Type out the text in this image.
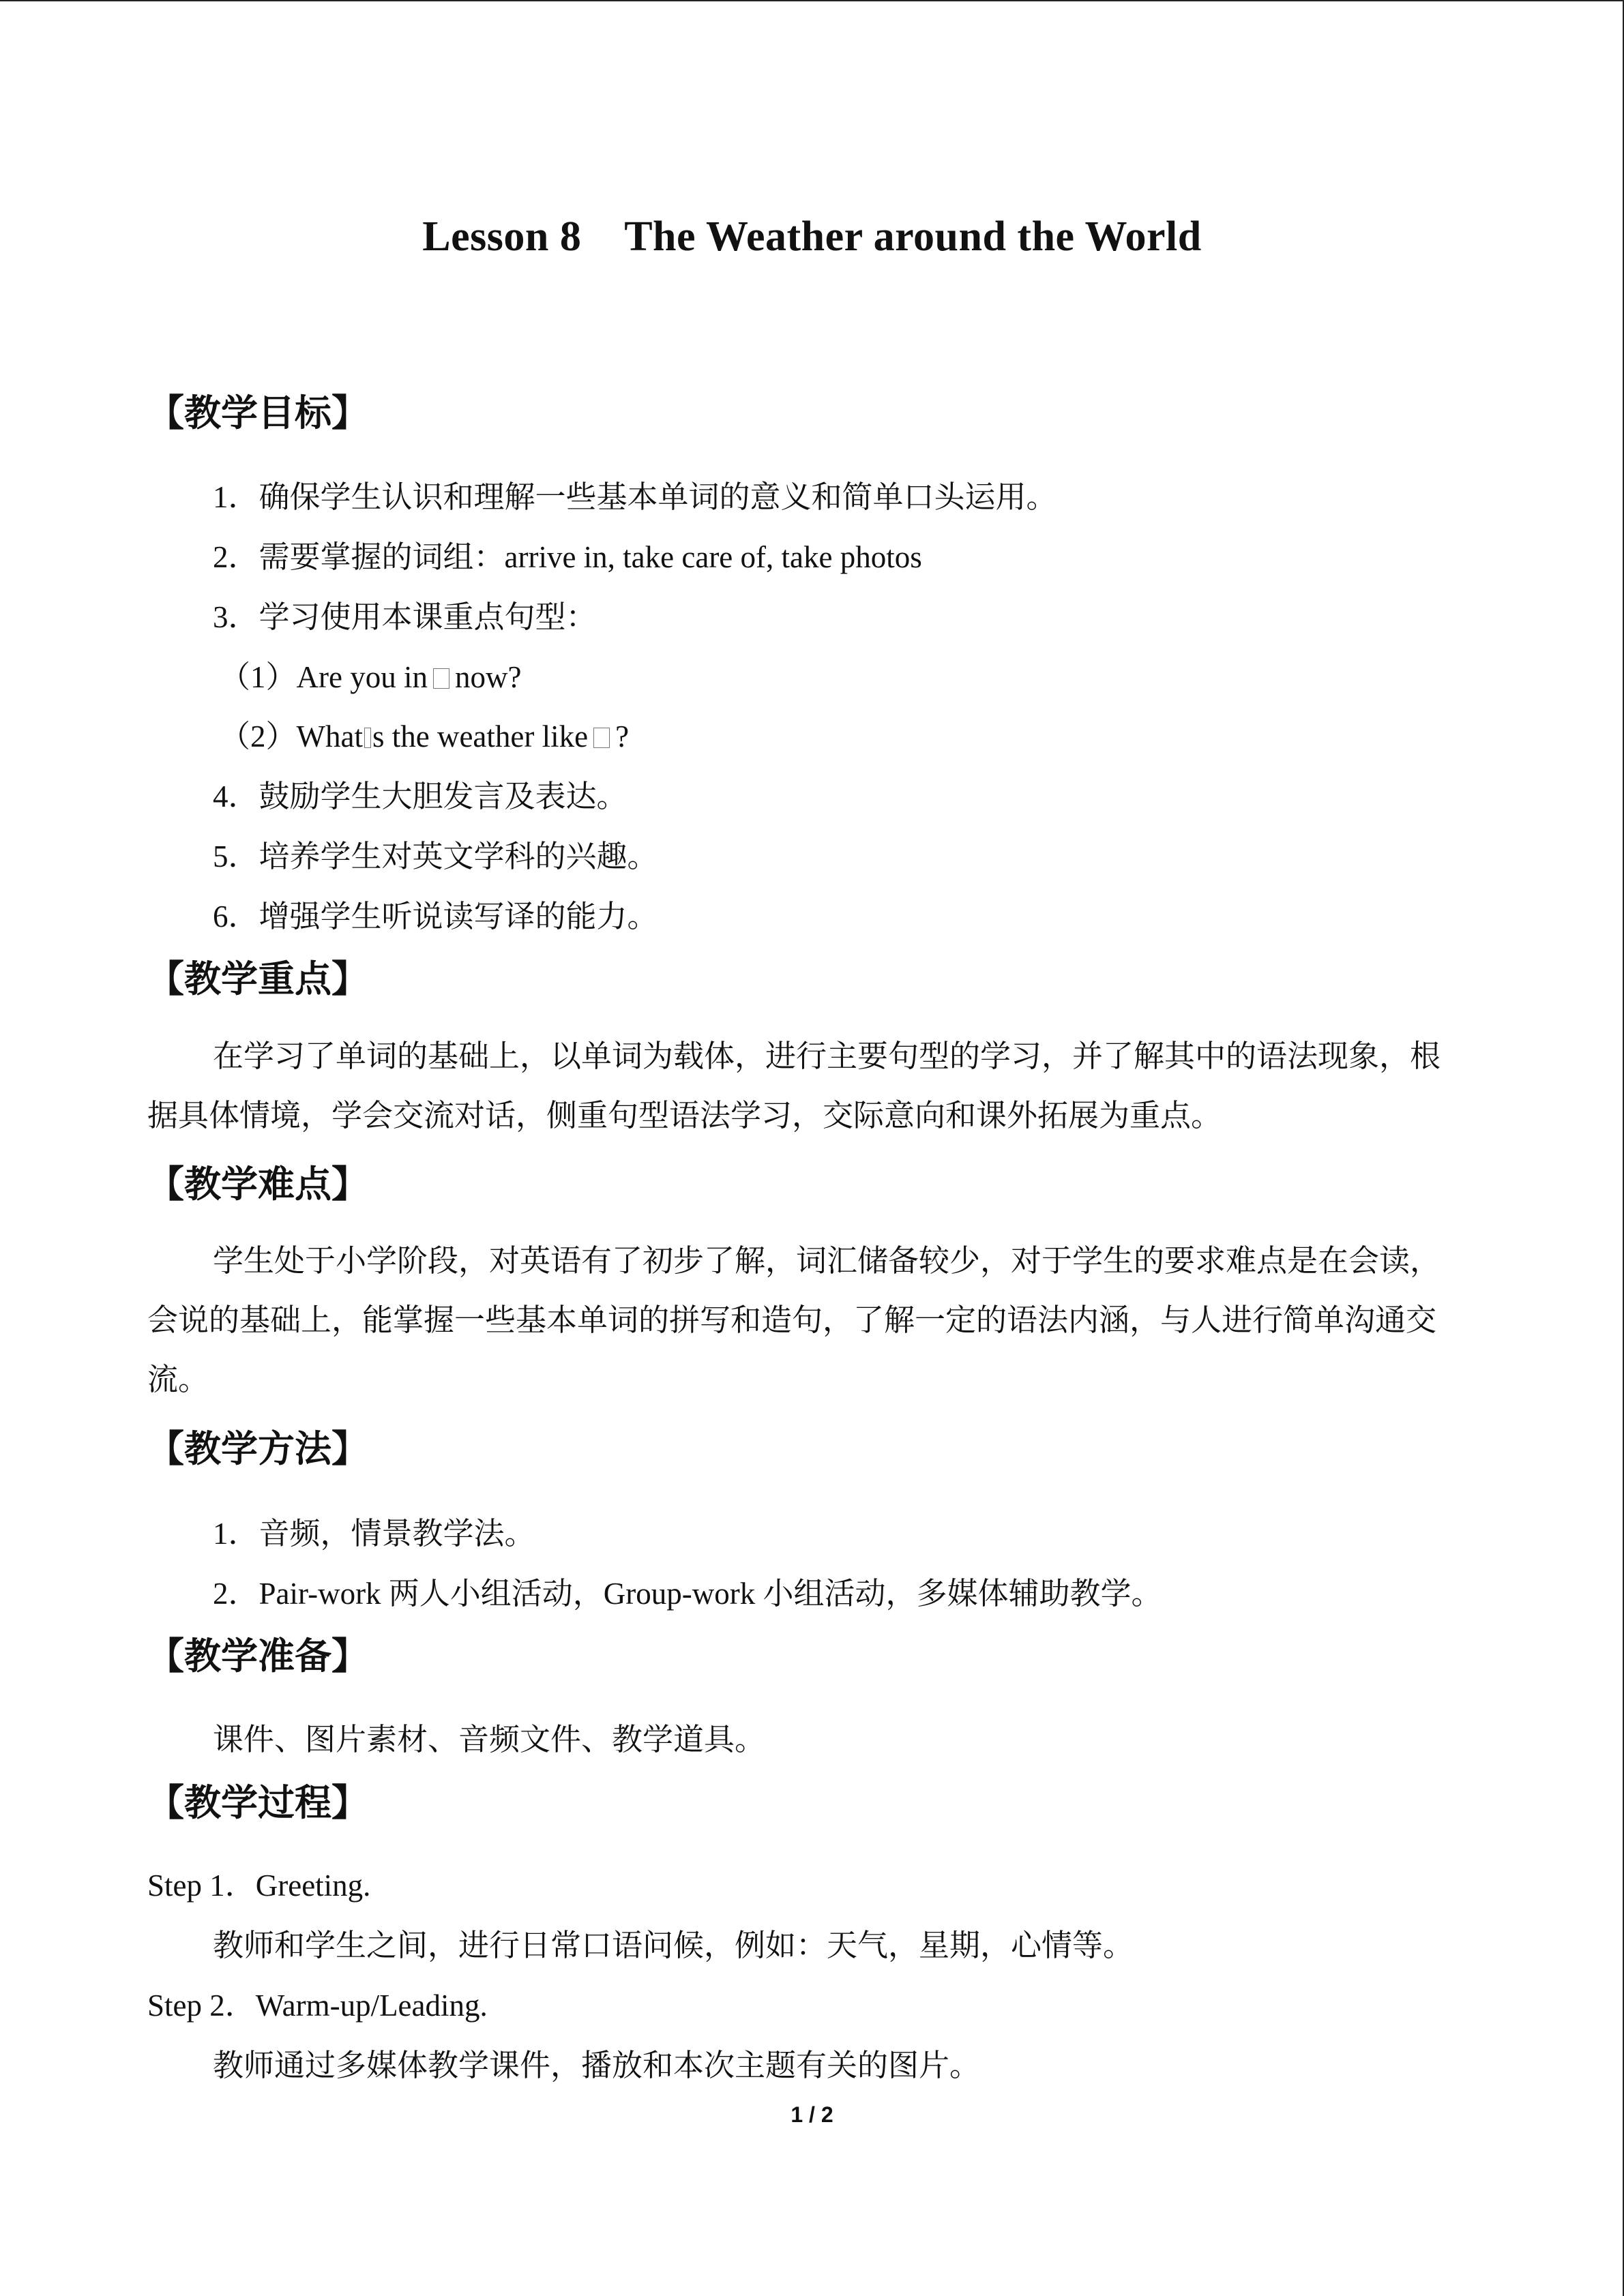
Lesson 8    The Weather around the World
【教学目标】
1．确保学生认识和理解一些基本单词的意义和简单口头运用。
2．需要掌握的词组：arrive in, take care of, take photos
3．学习使用本课重点句型：
（1）Are you in now?
（2）What s the weather like ?
4．鼓励学生大胆发言及表达。
5．培养学生对英文学科的兴趣。
6．增强学生听说读写译的能力。
【教学重点】
在学习了单词的基础上，以单词为载体，进行主要句型的学习，并了解其中的语法现象，根据具体情境，学会交流对话，侧重句型语法学习，交际意向和课外拓展为重点。
【教学难点】
学生处于小学阶段，对英语有了初步了解，词汇储备较少，对于学生的要求难点是在会读，会说的基础上，能掌握一些基本单词的拼写和造句，了解一定的语法内涵，与人进行简单沟通交流。
【教学方法】
1．音频，情景教学法。
2．Pair-work 两人小组活动，Group-work 小组活动，多媒体辅助教学。
【教学准备】
课件、图片素材、音频文件、教学道具。
【教学过程】
Step 1．Greeting.
教师和学生之间，进行日常口语问候，例如：天气，星期，心情等。
Step 2．Warm-up/Leading.
教师通过多媒体教学课件，播放和本次主题有关的图片。
1 / 2
